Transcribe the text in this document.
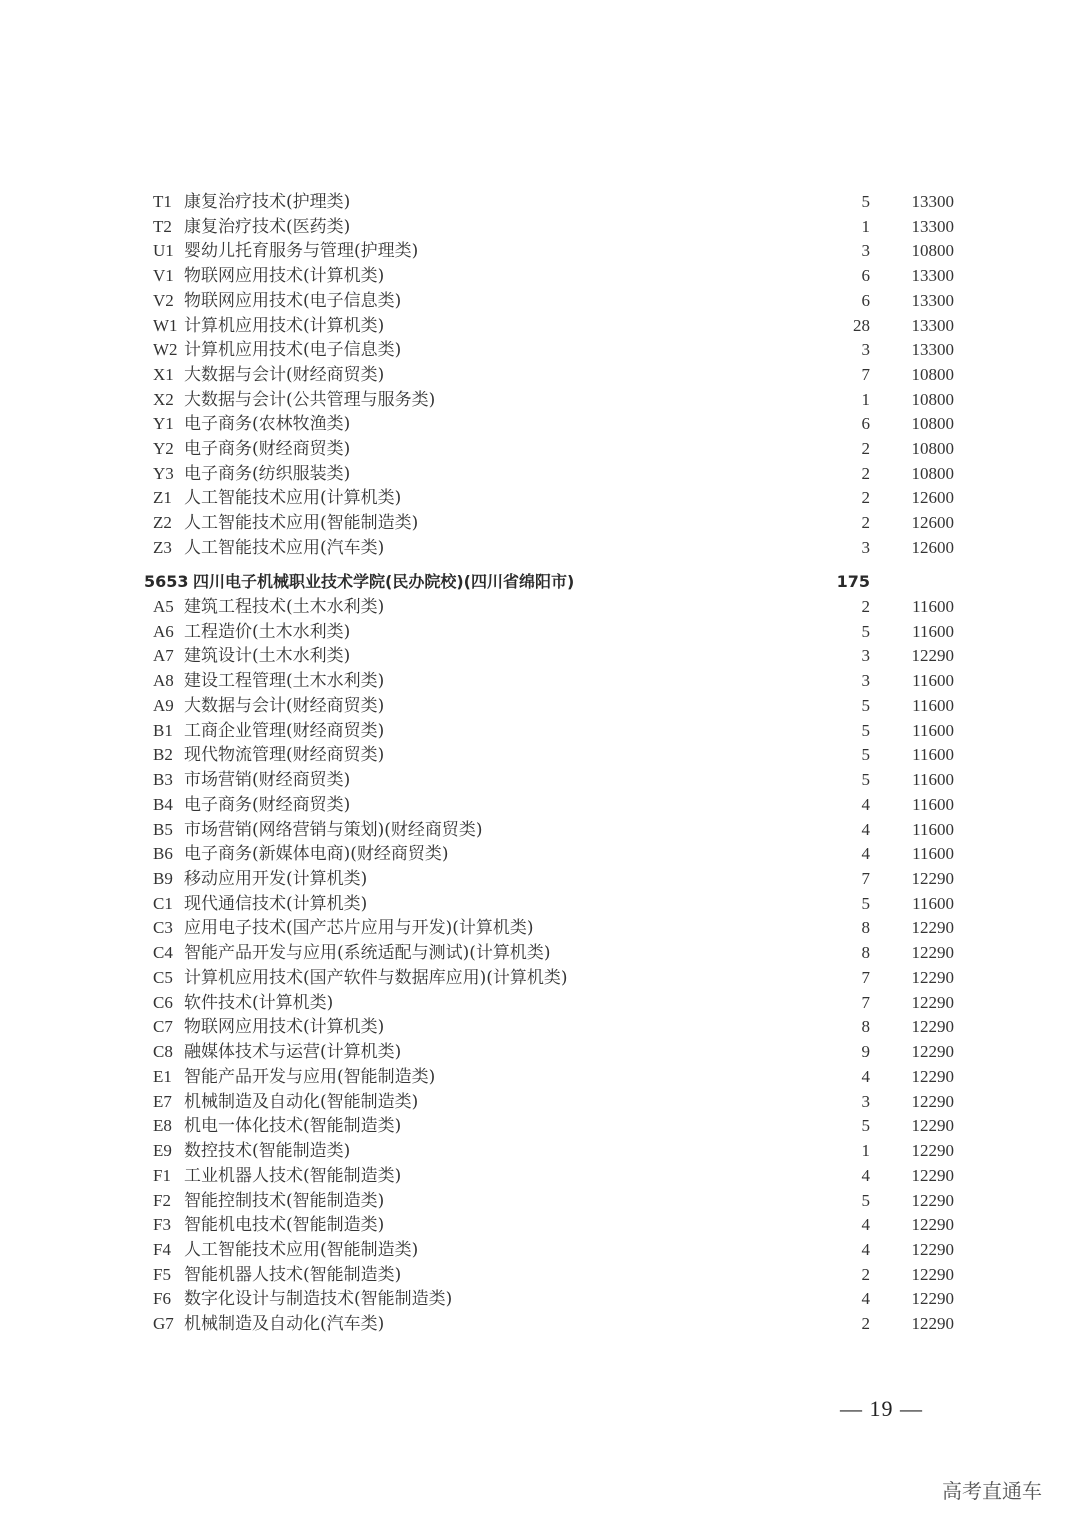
T1 康复治疗技术(护理类)	5	13300
T2 康复治疗技术(医药类)	1	13300
U1 婴幼儿托育服务与管理(护理类)	3	10800
V1 物联网应用技术(计算机类)	6	13300
V2 物联网应用技术(电子信息类)	6	13300
W1 计算机应用技术(计算机类)	28	13300
W2 计算机应用技术(电子信息类)	3	13300
X1 大数据与会计(财经商贸类)	7	10800
X2 大数据与会计(公共管理与服务类)	1	10800
Y1 电子商务(农林牧渔类)	6	10800
Y2 电子商务(财经商贸类)	2	10800
Y3 电子商务(纺织服装类)	2	10800
Z1 人工智能技术应用(计算机类)	2	12600
Z2 人工智能技术应用(智能制造类)	2	12600
Z3 人工智能技术应用(汽车类)	3	12600
5653 四川电子机械职业技术学院(民办院校)(四川省绵阳市)	175
A5 建筑工程技术(土木水利类)	2	11600
A6 工程造价(土木水利类)	5	11600
A7 建筑设计(土木水利类)	3	12290
A8 建设工程管理(土木水利类)	3	11600
A9 大数据与会计(财经商贸类)	5	11600
B1 工商企业管理(财经商贸类)	5	11600
B2 现代物流管理(财经商贸类)	5	11600
B3 市场营销(财经商贸类)	5	11600
B4 电子商务(财经商贸类)	4	11600
B5 市场营销(网络营销与策划)(财经商贸类)	4	11600
B6 电子商务(新媒体电商)(财经商贸类)	4	11600
B9 移动应用开发(计算机类)	7	12290
C1 现代通信技术(计算机类)	5	11600
C3 应用电子技术(国产芯片应用与开发)(计算机类)	8	12290
C4 智能产品开发与应用(系统适配与测试)(计算机类)	8	12290
C5 计算机应用技术(国产软件与数据库应用)(计算机类)	7	12290
C6 软件技术(计算机类)	7	12290
C7 物联网应用技术(计算机类)	8	12290
C8 融媒体技术与运营(计算机类)	9	12290
E1 智能产品开发与应用(智能制造类)	4	12290
E7 机械制造及自动化(智能制造类)	3	12290
E8 机电一体化技术(智能制造类)	5	12290
E9 数控技术(智能制造类)	1	12290
F1 工业机器人技术(智能制造类)	4	12290
F2 智能控制技术(智能制造类)	5	12290
F3 智能机电技术(智能制造类)	4	12290
F4 人工智能技术应用(智能制造类)	4	12290
F5 智能机器人技术(智能制造类)	2	12290
F6 数字化设计与制造技术(智能制造类)	4	12290
G7 机械制造及自动化(汽车类)	2	12290
— 19 —
高考直通车
